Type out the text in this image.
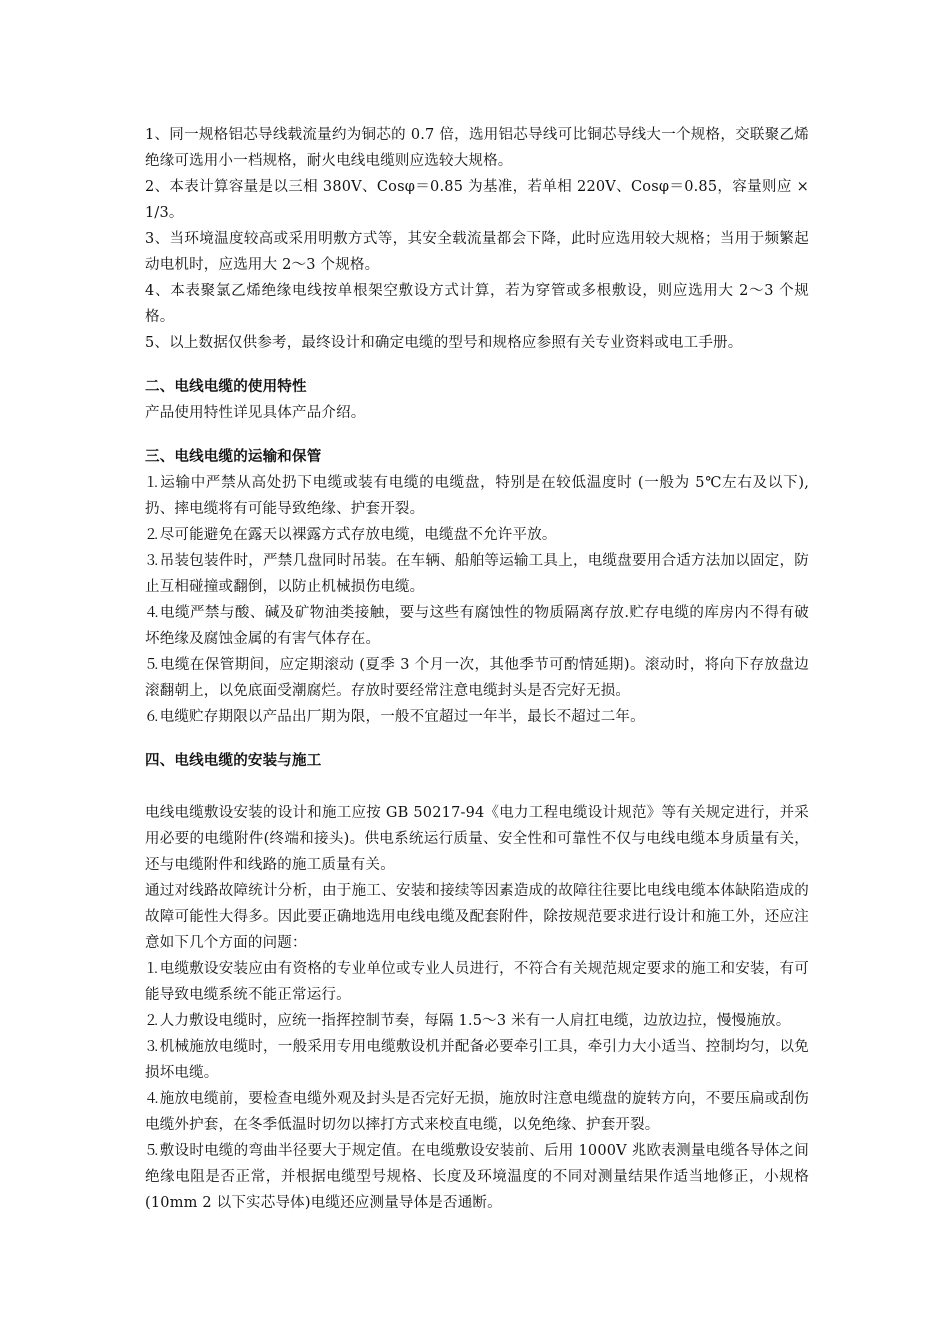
1、同一规格铝芯导线载流量约为铜芯的 0.7 倍，选用铝芯导线可比铜芯导线大一个规格，交联聚乙烯绝缘可选用小一档规格，耐火电线电缆则应选较大规格。

2、本表计算容量是以三相 380V、Cosφ＝0.85 为基准，若单相 220V、Cosφ＝0.85，容量则应 × 1/3。

3、当环境温度较高或采用明敷方式等，其安全载流量都会下降，此时应选用较大规格；当用于频繁起动电机时，应选用大 2～3 个规格。

4、本表聚氯乙烯绝缘电线按单根架空敷设方式计算，若为穿管或多根敷设，则应选用大 2～3 个规格。

5、以上数据仅供参考，最终设计和确定电缆的型号和规格应参照有关专业资料或电工手册。

二、电线电缆的使用特性

产品使用特性详见具体产品介绍。

三、电线电缆的运输和保管

⒈运输中严禁从高处扔下电缆或装有电缆的电缆盘，特别是在较低温度时 (一般为 5℃左右及以下),扔、摔电缆将有可能导致绝缘、护套开裂。

⒉尽可能避免在露天以裸露方式存放电缆，电缆盘不允许平放。

⒊吊装包装件时，严禁几盘同时吊装。在车辆、船舶等运输工具上，电缆盘要用合适方法加以固定，防止互相碰撞或翻倒，以防止机械损伤电缆。

⒋电缆严禁与酸、碱及矿物油类接触，要与这些有腐蚀性的物质隔离存放.贮存电缆的库房内不得有破坏绝缘及腐蚀金属的有害气体存在。

⒌电缆在保管期间，应定期滚动 (夏季 3 个月一次，其他季节可酌情延期)。滚动时，将向下存放盘边滚翻朝上，以免底面受潮腐烂。存放时要经常注意电缆封头是否完好无损。

⒍电缆贮存期限以产品出厂期为限，一般不宜超过一年半，最长不超过二年。

四、电线电缆的安装与施工

电线电缆敷设安装的设计和施工应按 GB 50217-94《电力工程电缆设计规范》等有关规定进行，并采用必要的电缆附件(终端和接头)。供电系统运行质量、安全性和可靠性不仅与电线电缆本身质量有关，还与电缆附件和线路的施工质量有关。

通过对线路故障统计分析，由于施工、安装和接续等因素造成的故障往往要比电线电缆本体缺陷造成的故障可能性大得多。因此要正确地选用电线电缆及配套附件，除按规范要求进行设计和施工外，还应注意如下几个方面的问题：

⒈电缆敷设安装应由有资格的专业单位或专业人员进行，不符合有关规范规定要求的施工和安装，有可能导致电缆系统不能正常运行。

⒉人力敷设电缆时，应统一指挥控制节奏，每隔 1.5～3 米有一人肩扛电缆，边放边拉，慢慢施放。

⒊机械施放电缆时，一般采用专用电缆敷设机并配备必要牵引工具，牵引力大小适当、控制均匀，以免损坏电缆。

⒋施放电缆前，要检查电缆外观及封头是否完好无损，施放时注意电缆盘的旋转方向，不要压扁或刮伤电缆外护套，在冬季低温时切勿以摔打方式来校直电缆，以免绝缘、护套开裂。

⒌敷设时电缆的弯曲半径要大于规定值。在电缆敷设安装前、后用 1000V 兆欧表测量电缆各导体之间绝缘电阻是否正常，并根据电缆型号规格、长度及环境温度的不同对测量结果作适当地修正，小规格(10mm 2 以下实芯导体)电缆还应测量导体是否通断。
